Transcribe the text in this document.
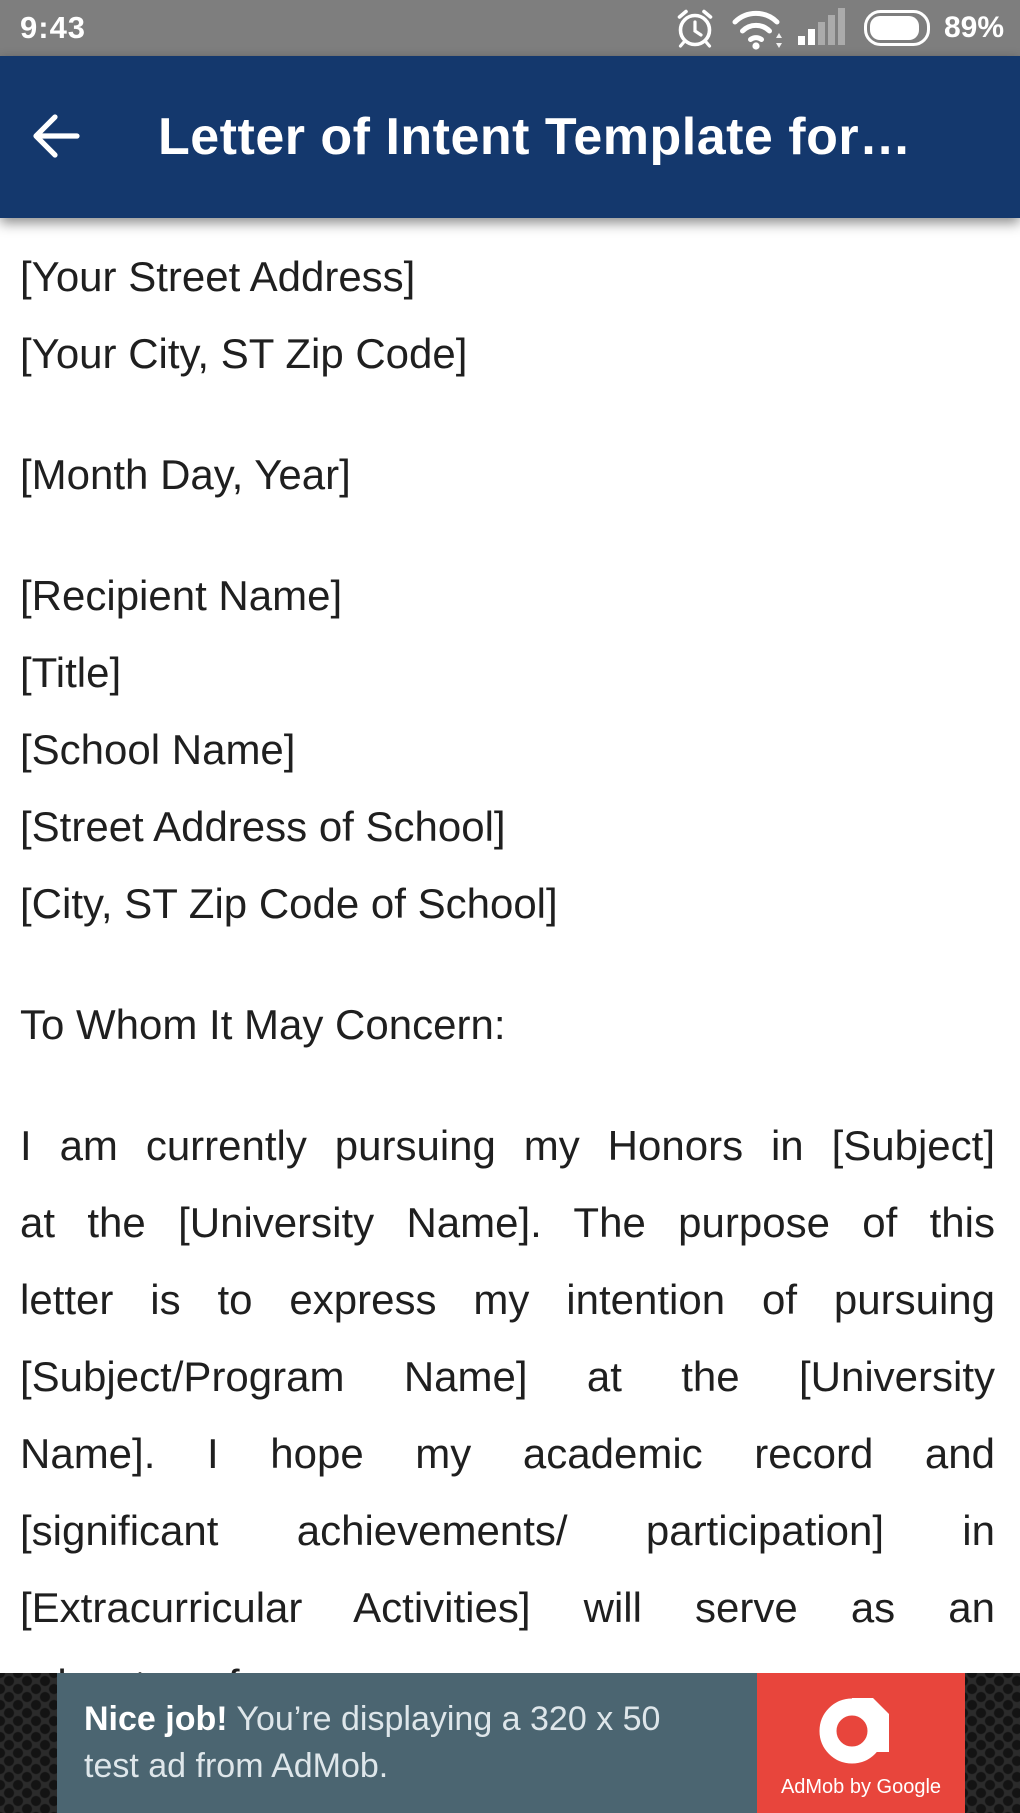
9:43	89%
Letter of Intent Template for…

[Your Street Address]
[Your City, ST Zip Code]

[Month Day, Year]

[Recipient Name]
[Title]
[School Name]
[Street Address of School]
[City, ST Zip Code of School]

To Whom It May Concern:

I am currently pursuing my Honors in [Subject]
at the [University Name]. The purpose of this
letter is to express my intention of pursuing
[Subject/Program Name] at the [University
Name]. I hope my academic record and
[significant achievements/ participation] in
[Extracurricular Activities] will serve as an

Nice job! You’re displaying a 320 x 50
test ad from AdMob.
AdMob by Google
